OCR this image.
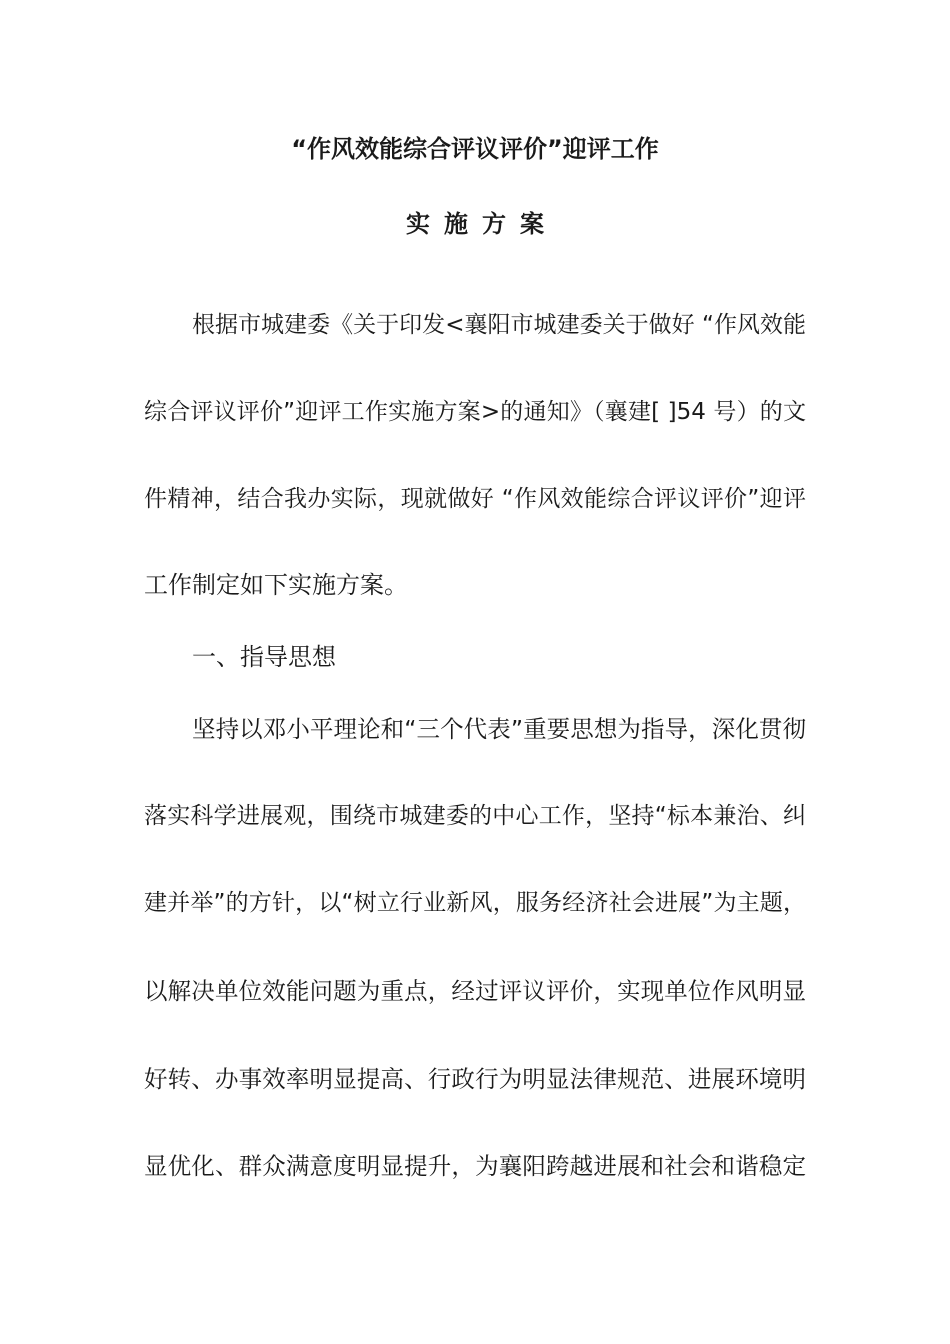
“作风效能综合评议评价”迎评工作
实施方案

根据市城建委《关于印发<襄阳市城建委关于做好 “作风效能

综合评议评价”迎评工作实施方案>的通知》（襄建[ ]54 号）的文

件精神，结合我办实际，现就做好 “作风效能综合评议评价”迎评

工作制定如下实施方案。

一、指导思想

坚持以邓小平理论和“三个代表”重要思想为指导，深化贯彻

落实科学进展观，围绕市城建委的中心工作，坚持“标本兼治、纠

建并举”的方针，以“树立行业新风，服务经济社会进展”为主题，

以解决单位效能问题为重点，经过评议评价，实现单位作风明显

好转、办事效率明显提高、行政行为明显法律规范、进展环境明

显优化、群众满意度明显提升，为襄阳跨越进展和社会和谐稳定
